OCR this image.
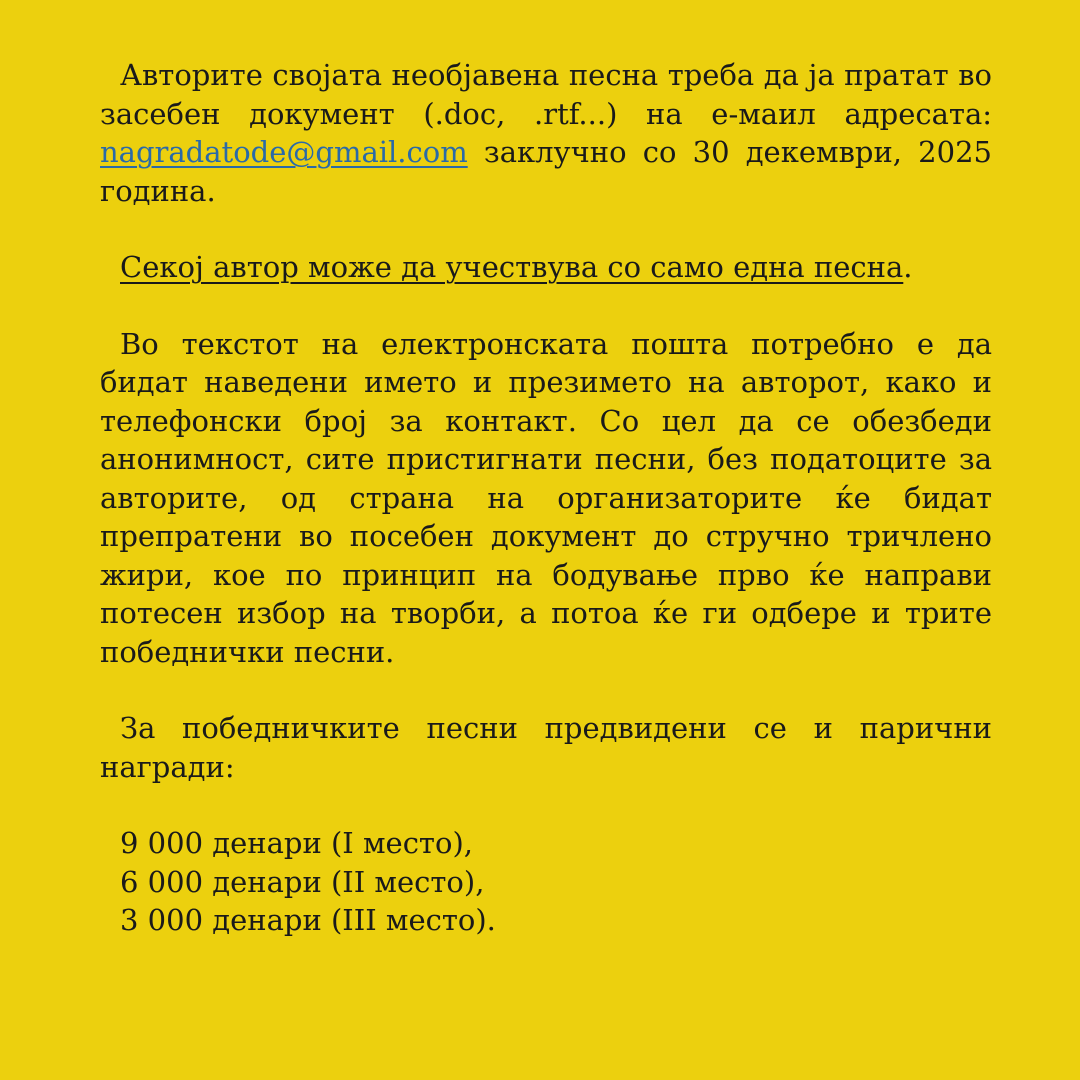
Авторите својата необјавена песна треба да ја пратат во засебен документ (.doc, .rtf...) на е-маил адресата: nagradatode@gmail.com заклучно со 30 декември, 2025 година.

Секој автор може да учествува со само една песна.

Во текстот на електронската пошта потребно е да бидат наведени името и презимето на авторот, како и телефонски број за контакт. Со цел да се обезбеди анонимност, сите пристигнати песни, без податоците за авторите, од страна на организаторите ќе бидат препратени во посебен документ до стручно тричлено жири, кое по принцип на бодување прво ќе направи потесен избор на творби, а потоа ќе ги одбере и трите победнички песни.

За победничките песни предвидени се и парични награди:

9 000 денари (I место),
6 000 денари (II место),
3 000 денари (III место).
